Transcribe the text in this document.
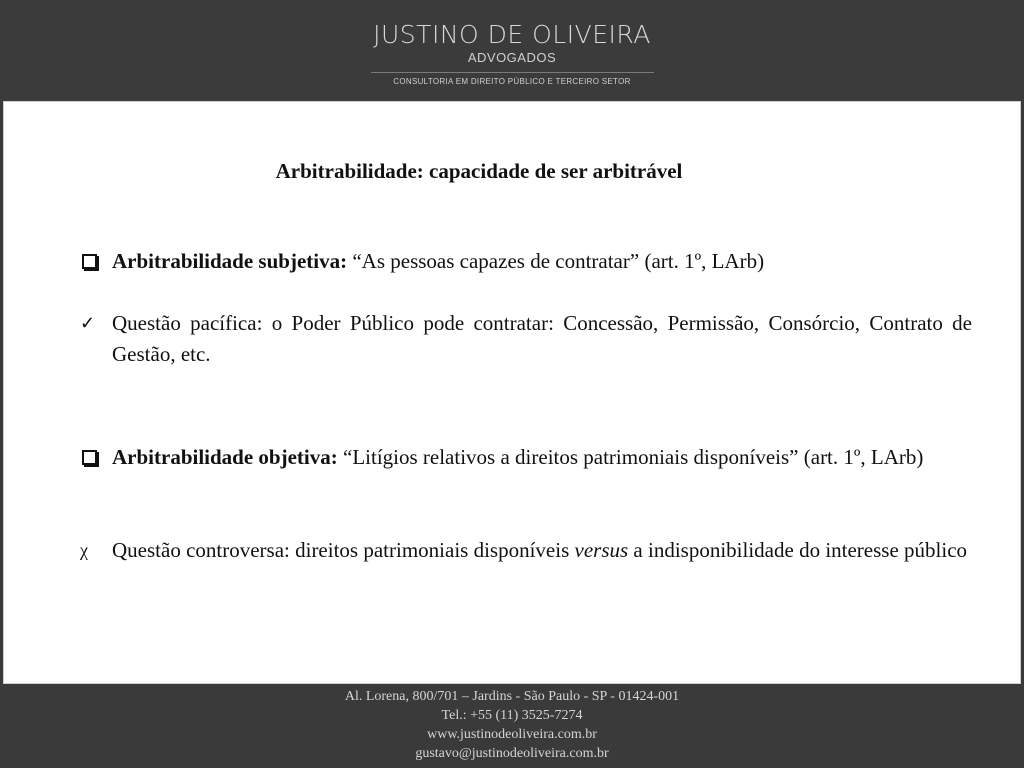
JUSTINO DE OLIVEIRA
ADVOGADOS
CONSULTORIA EM DIREITO PÚBLICO E TERCEIRO SETOR
Arbitrabilidade: capacidade de ser arbitrável
Arbitrabilidade subjetiva: “As pessoas capazes de contratar” (art. 1º, LArb)
✓ Questão pacífica: o Poder Público pode contratar: Concessão, Permissão, Consórcio, Contrato de Gestão, etc.
Arbitrabilidade objetiva: “Litígios relativos a direitos patrimoniais disponíveis” (art. 1º, LArb)
χ Questão controversa: direitos patrimoniais disponíveis versus a indisponibilidade do interesse público
Al. Lorena, 800/701 – Jardins - São Paulo - SP - 01424-001
Tel.: +55 (11) 3525-7274
www.justinodeoliveira.com.br
gustavo@justinodeoliveira.com.br
